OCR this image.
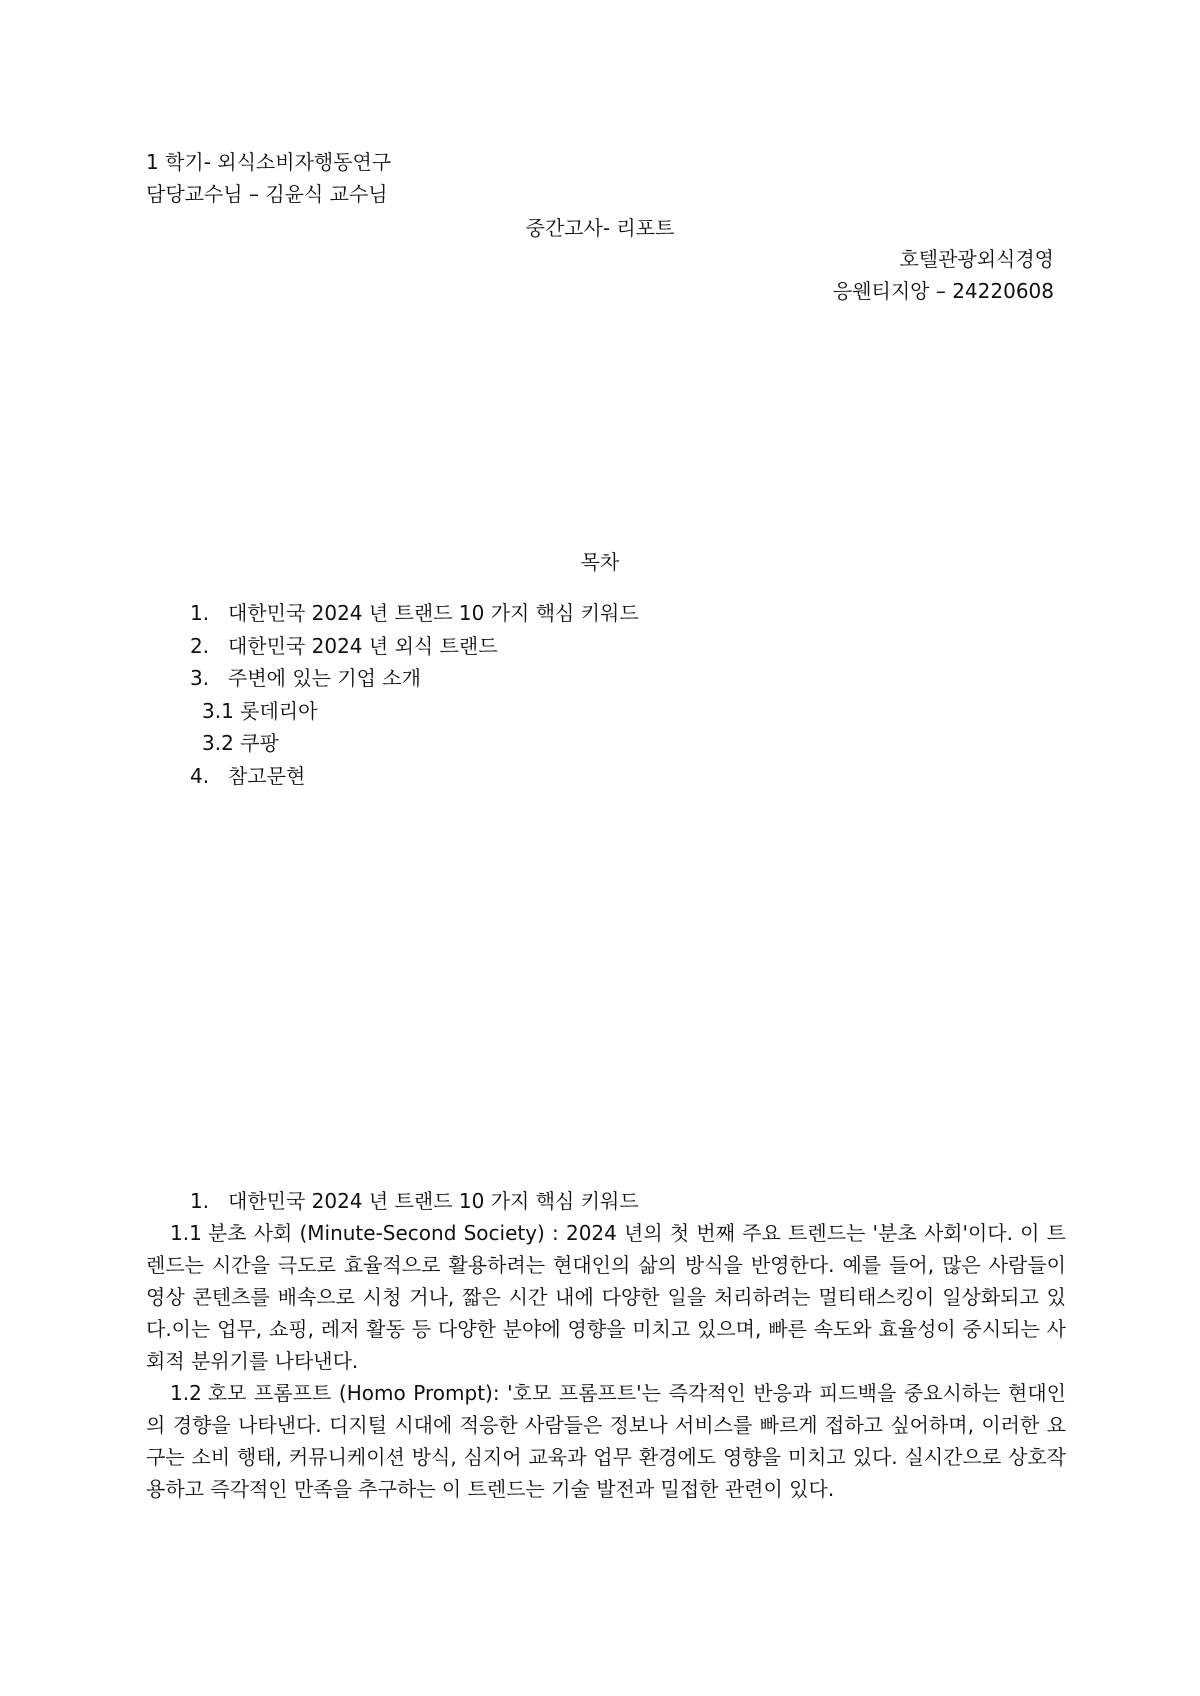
1 학기- 외식소비자행동연구
담당교수님 – 김윤식 교수님
중간고사- 리포트
호텔관광외식경영
응웬티지앙 – 24220608
목차
1. 대한민국 2024 년 트랜드 10 가지 핵심 키워드
2. 대한민국 2024 년 외식 트랜드
3. 주변에 있는 기업 소개
3.1 롯데리아
3.2 쿠팡
4. 참고문현
1. 대한민국 2024 년 트랜드 10 가지 핵심 키워드

1.1 분초 사회 (Minute-Second Society) : 2024 년의 첫 번째 주요 트렌드는 '분초 사회'이다. 이 트렌드는 시간을 극도로 효율적으로 활용하려는 현대인의 삶의 방식을 반영한다. 예를 들어, 많은 사람들이 영상 콘텐츠를 배속으로 시청 거나, 짧은 시간 내에 다양한 일을 처리하려는 멀티태스킹이 일상화되고 있다.이는 업무, 쇼핑, 레저 활동 등 다양한 분야에 영향을 미치고 있으며, 빠른 속도와 효율성이 중시되는 사회적 분위기를 나타낸다.

1.2 호모 프롬프트 (Homo Prompt): '호모 프롬프트'는 즉각적인 반응과 피드백을 중요시하는 현대인의 경향을 나타낸다. 디지털 시대에 적응한 사람들은 정보나 서비스를 빠르게 접하고 싶어하며, 이러한 요구는 소비 행태, 커뮤니케이션 방식, 심지어 교육과 업무 환경에도 영향을 미치고 있다. 실시간으로 상호작용하고 즉각적인 만족을 추구하는 이 트렌드는 기술 발전과 밀접한 관련이 있다.
